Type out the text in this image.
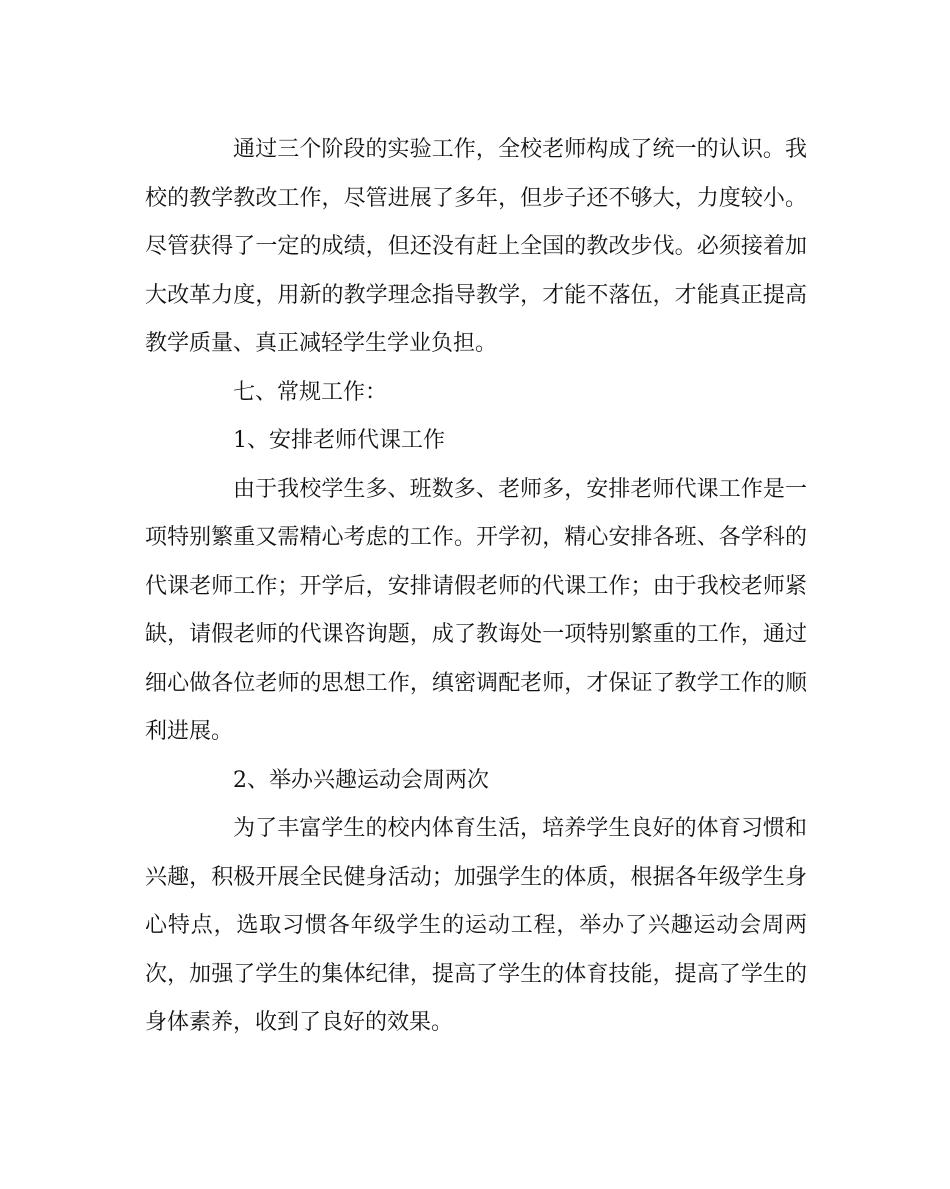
通过三个阶段的实验工作，全校老师构成了统一的认识。我校的教学教改工作，尽管进展了多年，但步子还不够大，力度较小。尽管获得了一定的成绩，但还没有赶上全国的教改步伐。必须接着加大改革力度，用新的教学理念指导教学，才能不落伍，才能真正提高教学质量、真正减轻学生学业负担。

七、常规工作：

1、安排老师代课工作

由于我校学生多、班数多、老师多，安排老师代课工作是一项特别繁重又需精心考虑的工作。开学初，精心安排各班、各学科的代课老师工作；开学后，安排请假老师的代课工作；由于我校老师紧缺，请假老师的代课咨询题，成了教诲处一项特别繁重的工作，通过细心做各位老师的思想工作，缜密调配老师，才保证了教学工作的顺利进展。

2、举办兴趣运动会周两次

为了丰富学生的校内体育生活，培养学生良好的体育习惯和兴趣，积极开展全民健身活动；加强学生的体质，根据各年级学生身心特点，选取习惯各年级学生的运动工程，举办了兴趣运动会周两次，加强了学生的集体纪律，提高了学生的体育技能，提高了学生的身体素养，收到了良好的效果。
